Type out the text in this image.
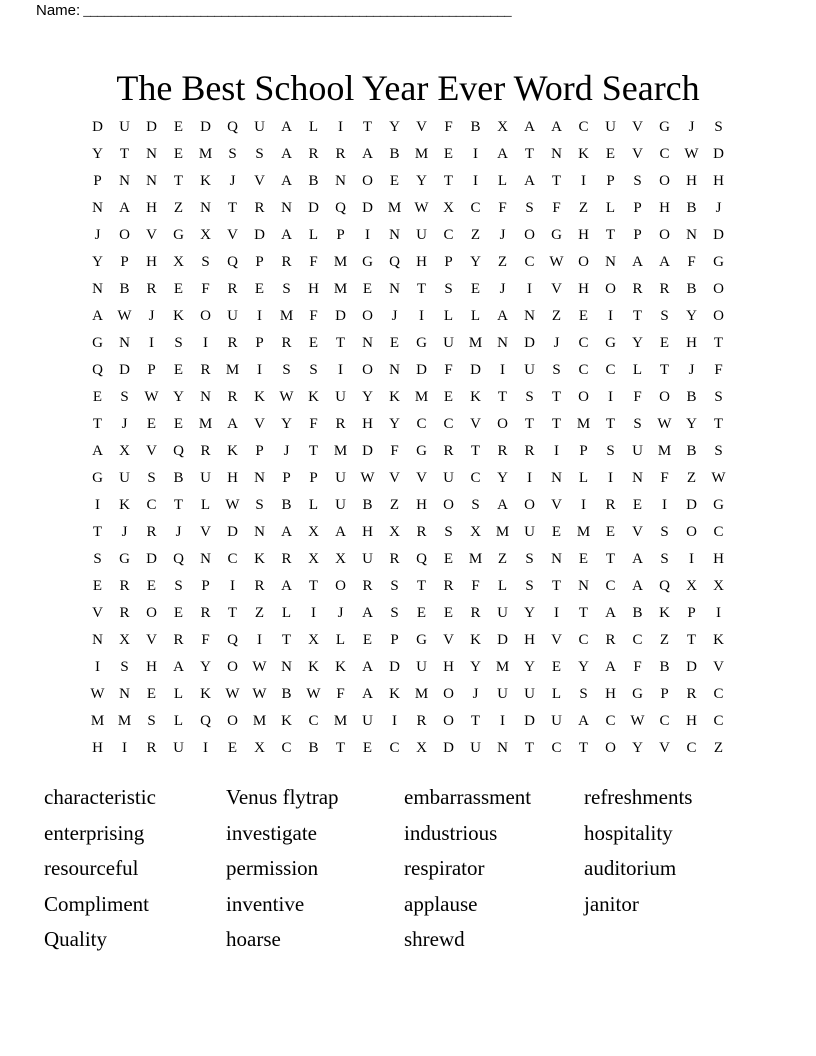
Name: ______________________________________________________________
The Best School Year Ever Word Search
D	U	D	E	D	Q	U	A	L	I	T	Y	V	F	B	X	A	A	C	U	V	G	J	S
Y	T	N	E	M	S	S	A	R	R	A	B	M	E	I	A	T	N	K	E	V	C W D
P	N	N	T	K	J	V	A	B	N	O	E	Y	T	I	L	A	T	I	P	S	O	H	H
N	A	H	Z	N	T	R	N	D	Q	D M W X	C	F	S	F	Z	L	P	H	B	J
J	O	V	G	X	V	D	A	L	P	I	N	U	C	Z	J	O	G	H	T	P	O	N	D
Y	P	H	X	S	Q	P	R	F	M G	Q	H	P	Y	Z	C W O	N	A	A	F	G
N	B	R	E	F	R	E	S	H M	E	N	T	S	E	J	I	V	H	O	R	R	B	O
A W	J	K	O	U	I	M	F	D	O	J	I	L	L	A	N	Z	E	I	T	S	Y	O
G	N	I	S	I	R	P	R	E	T	N	E	G	U M N	D	J	C	G	Y	E	H	T
Q	D	P	E	R	M	I	S	S	I	O	N	D	F	D	I	U	S	C	C	L	T	J	F
E	S	W Y	N	R	K W K	U	Y	K M	E	K	T	S	T	O	I	F	O	B	S
T	J	E	E	M A	V	Y	F	R	H	Y	C	C	V	O	T	T	M	T	S	W Y	T
A	X	V	Q	R	K	P	J	T	M D	F	G	R	T	R	R	I	P	S	U M	B	S
G	U	S	B	U	H	N	P	P	U W V	V	U	C	Y	I	N	L	I	N	F	Z	W
I	K	C	T	L	W	S	B	L	U	B	Z	H	O	S	A	O	V	I	R	E	I	D	G
T	J	R	J	V	D	N	A	X	A	H	X	R	S	X M U	E	M	E	V	S	O	C
S	G	D	Q	N	C	K	R	X	X	U	R	Q	E	M	Z	S	N	E	T	A	S	I	H
E	R	E	S	P	I	R	A	T	O	R	S	T	R	F	L	S	T	N	C	A	Q	X	X
V	R	O	E	R	T	Z	L	I	J	A	S	E	E	R	U	Y	I	T	A	B	K	P	I
N	X	V	R	F	Q	I	T	X	L	E	P	G	V	K	D	H	V	C	R	C	Z	T	K
I	S	H	A	Y	O W N	K	K	A	D	U	H	Y M Y	E	Y	A	F	B	D	V
W N	E	L	K W W B W	F	A	K M O	J	U	U	L	S	H	G	P	R	C
M M	S	L	Q	O M K	C	M U	I	R	O	T	I	D	U	A	C W C	H	C
H	I	R	U	I	E	X	C	B	T	E	C	X	D	U	N	T	C	T	O	Y	V	C	Z
characteristic	Venus flytrap	embarrassment	refreshments
enterprising	investigate	industrious	hospitality
resourceful	permission	respirator	auditorium
Compliment	inventive	applause	janitor
Quality	hoarse	shrewd
